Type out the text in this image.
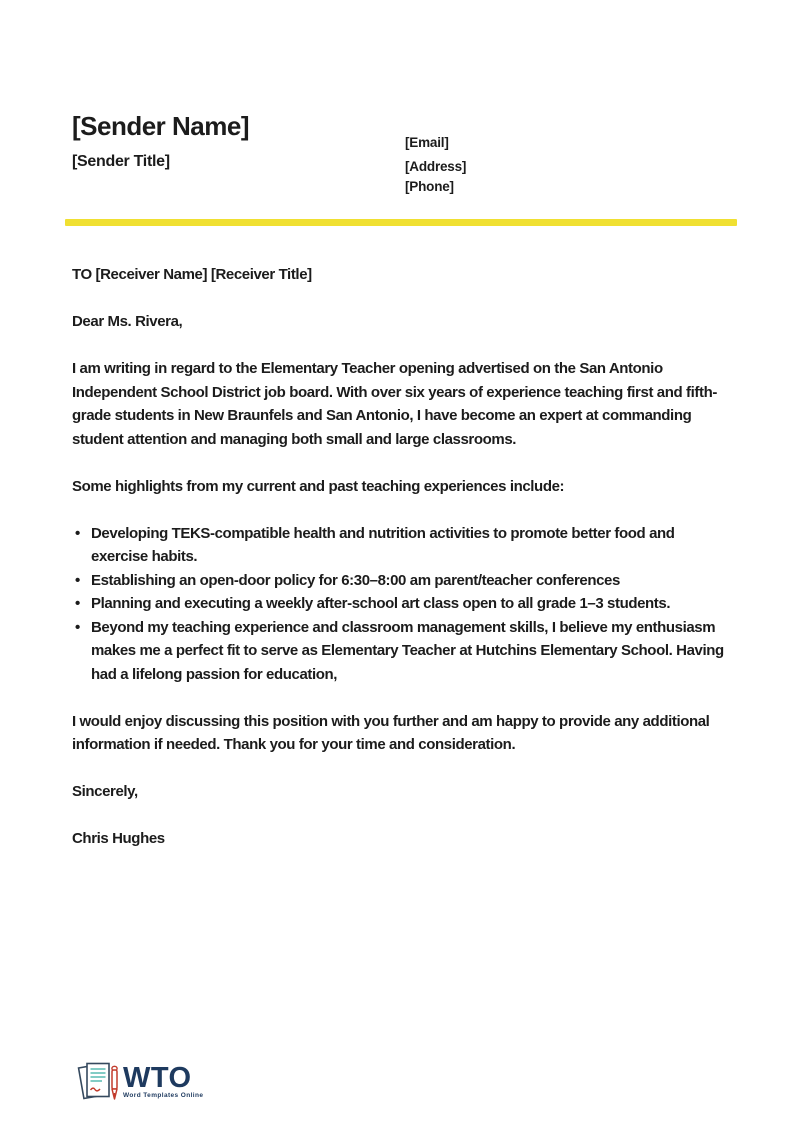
[Sender Name]
[Sender Title]
[Email]
[Address]
[Phone]

TO [Receiver Name] [Receiver Title]

Dear Ms. Rivera,

I am writing in regard to the Elementary Teacher opening advertised on the San Antonio Independent School District job board. With over six years of experience teaching first and fifth-grade students in New Braunfels and San Antonio, I have become an expert at commanding student attention and managing both small and large classrooms.

Some highlights from my current and past teaching experiences include:

• Developing TEKS-compatible health and nutrition activities to promote better food and exercise habits.
• Establishing an open-door policy for 6:30–8:00 am parent/teacher conferences
• Planning and executing a weekly after-school art class open to all grade 1–3 students.
• Beyond my teaching experience and classroom management skills, I believe my enthusiasm makes me a perfect fit to serve as Elementary Teacher at Hutchins Elementary School. Having had a lifelong passion for education,

I would enjoy discussing this position with you further and am happy to provide any additional information if needed. Thank you for your time and consideration.

Sincerely,

Chris Hughes

WTO
Word Templates Online
